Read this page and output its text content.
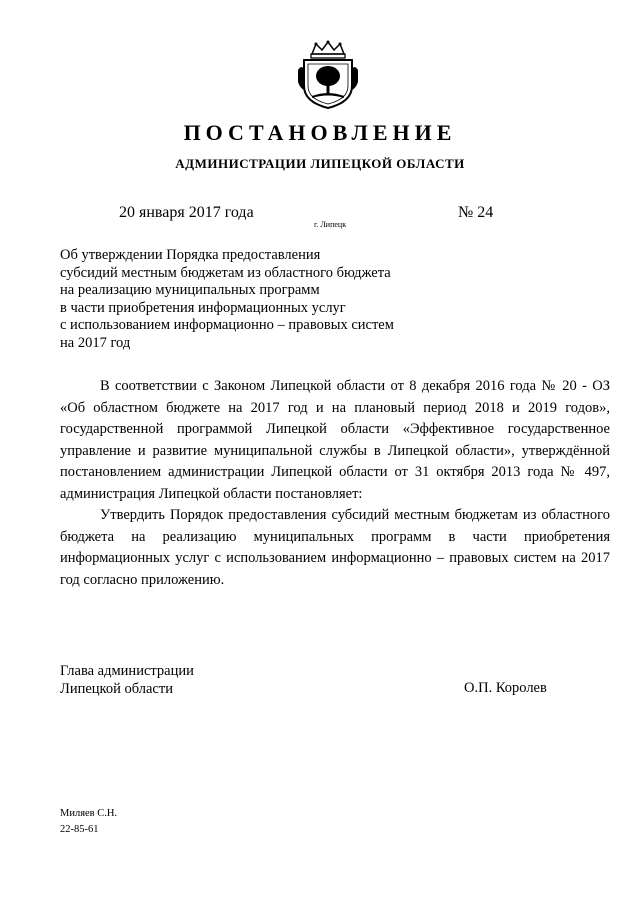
ПОСТАНОВЛЕНИЕ
АДМИНИСТРАЦИИ ЛИПЕЦКОЙ ОБЛАСТИ
20 января 2017 года
г. Липецк
№ 24
Об утверждении Порядка предоставления
субсидий местным бюджетам из областного бюджета
на реализацию муниципальных программ
в части приобретения информационных услуг
с использованием информационно – правовых систем
на 2017 год

В соответствии с Законом Липецкой области от 8 декабря 2016 года № 20 - ОЗ «Об областном бюджете на 2017 год и на плановый период 2018 и 2019 годов», государственной программой Липецкой области «Эффективное государственное управление и развитие муниципальной службы в Липецкой области», утверждённой постановлением администрации Липецкой области от 31 октября 2013 года № 497, администрация Липецкой области постановляет:

Утвердить Порядок предоставления субсидий местным бюджетам из областного бюджета на реализацию муниципальных программ в части приобретения информационных услуг с использованием информационно – правовых систем на 2017 год согласно приложению.

Глава администрации
Липецкой области	О.П. Королев
Миляев С.Н.
22-85-61
